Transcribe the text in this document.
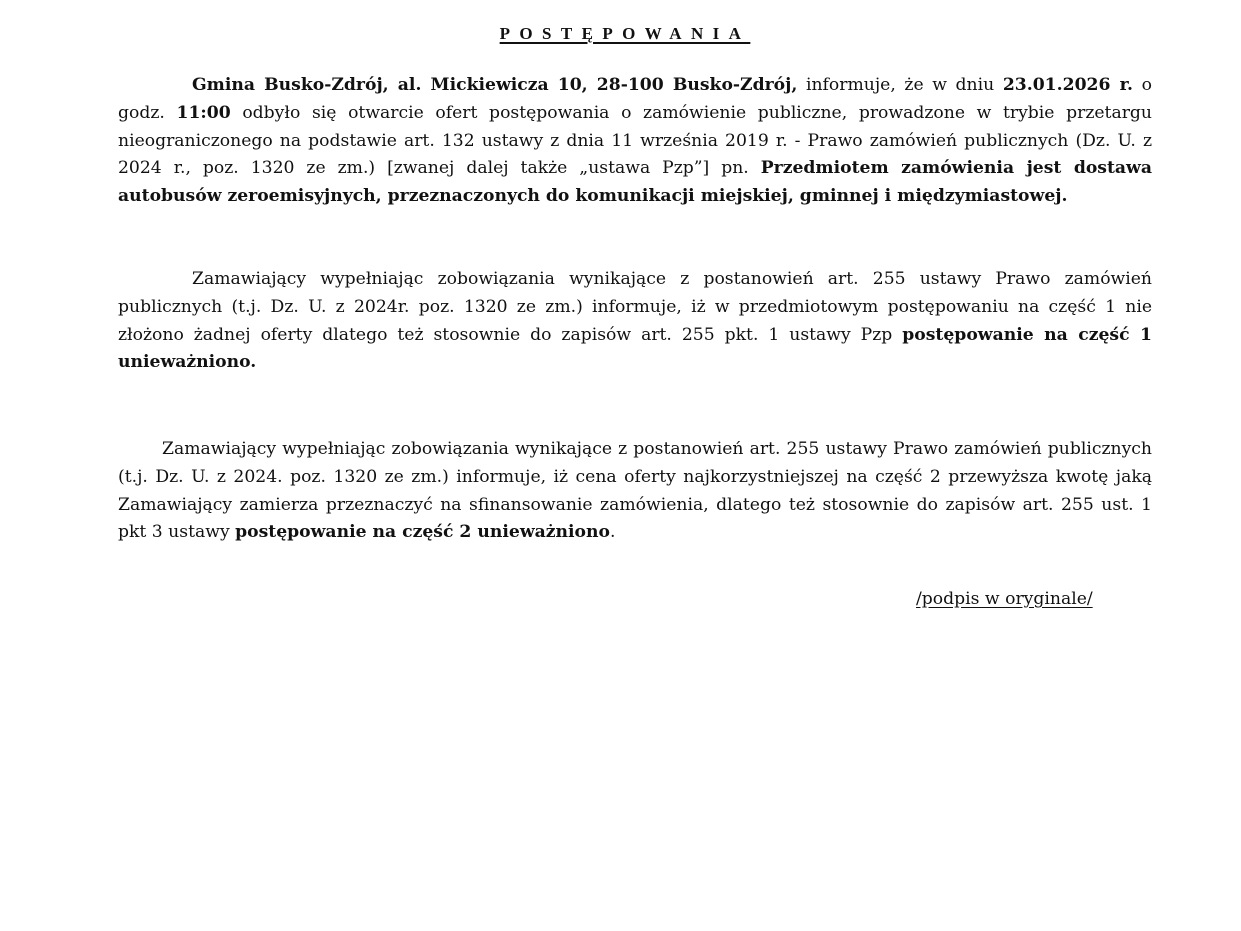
POSTĘPOWANIA
Gmina Busko-Zdrój, al. Mickiewicza 10, 28-100 Busko-Zdrój, informuje, że w dniu 23.01.2026 r. o godz. 11:00 odbyło się otwarcie ofert postępowania o zamówienie publiczne, prowadzone w trybie przetargu nieograniczonego na podstawie art. 132 ustawy z dnia 11 września 2019 r. - Prawo zamówień publicznych (Dz. U. z 2024 r., poz. 1320 ze zm.) [zwanej dalej także „ustawa Pzp”] pn. Przedmiotem zamówienia jest dostawa autobusów zeroemisyjnych, przeznaczonych do komunikacji miejskiej, gminnej i międzymiastowej.
Zamawiający wypełniając zobowiązania wynikające z postanowień art. 255 ustawy Prawo zamówień publicznych (t.j. Dz. U. z 2024r. poz. 1320 ze zm.) informuje, iż w przedmiotowym postępowaniu na część 1 nie złożono żadnej oferty dlatego też stosownie do zapisów art. 255 pkt. 1 ustawy Pzp postępowanie na część 1 unieważniono.
Zamawiający wypełniając zobowiązania wynikające z postanowień art. 255 ustawy Prawo zamówień publicznych (t.j. Dz. U. z 2024. poz. 1320 ze zm.) informuje, iż cena oferty najkorzystniejszej na część 2 przewyższa kwotę jaką Zamawiający zamierza przeznaczyć na sfinansowanie zamówienia, dlatego też stosownie do zapisów art. 255 ust. 1 pkt 3 ustawy postępowanie na część 2 unieważniono.
/podpis w oryginale/
